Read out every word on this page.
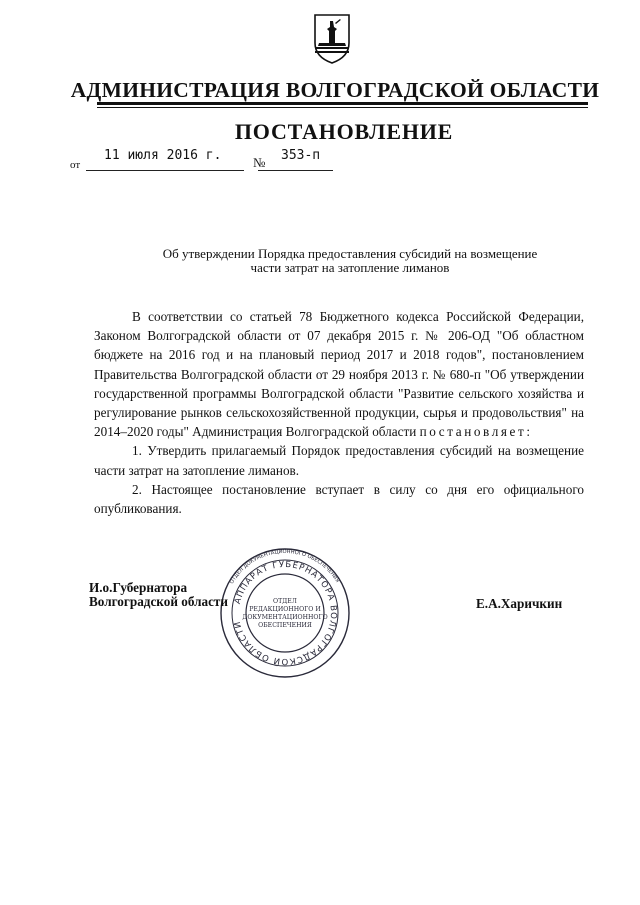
АДМИНИСТРАЦИЯ ВОЛГОГРАДСКОЙ ОБЛАСТИ
ПОСТАНОВЛЕНИЕ
от
11 июля 2016 г. № 353-п
Об утверждении Порядка предоставления субсидий на возмещение
части затрат на затопление лиманов

В соответствии со статьей 78 Бюджетного кодекса Российской Федерации, Законом Волгоградской области от 07 декабря 2015 г. № 206-ОД "Об областном бюджете на 2016 год и на плановый период 2017 и 2018 годов", постановлением Правительства Волгоградской области от 29 ноября 2013 г. № 680-п "Об утверждении государственной программы Волгоградской области "Развитие сельского хозяйства и регулирование рынков сельскохозяйственной продукции, сырья и продовольствия" на 2014–2020 годы" Администрация Волгоградской области постановляет:

1. Утвердить прилагаемый Порядок предоставления субсидий на возмещение части затрат на затопление лиманов.

2. Настоящее постановление вступает в силу со дня его официального опубликования.

ОТДЕЛ ДОКУМЕНТАЦИОННОГО ОБЕСПЕЧЕНИЯ
АППАРАТ ГУБЕРНАТОРА ВОЛГОГРАДСКОЙ ОБЛАСТИ
ОТДЕЛ
РЕДАКЦИОННОГО И
ДОКУМЕНТАЦИОННОГО
ОБЕСПЕЧЕНИЯ
И.о.Губернатора
Волгоградской области	Е.А.Харичкин
